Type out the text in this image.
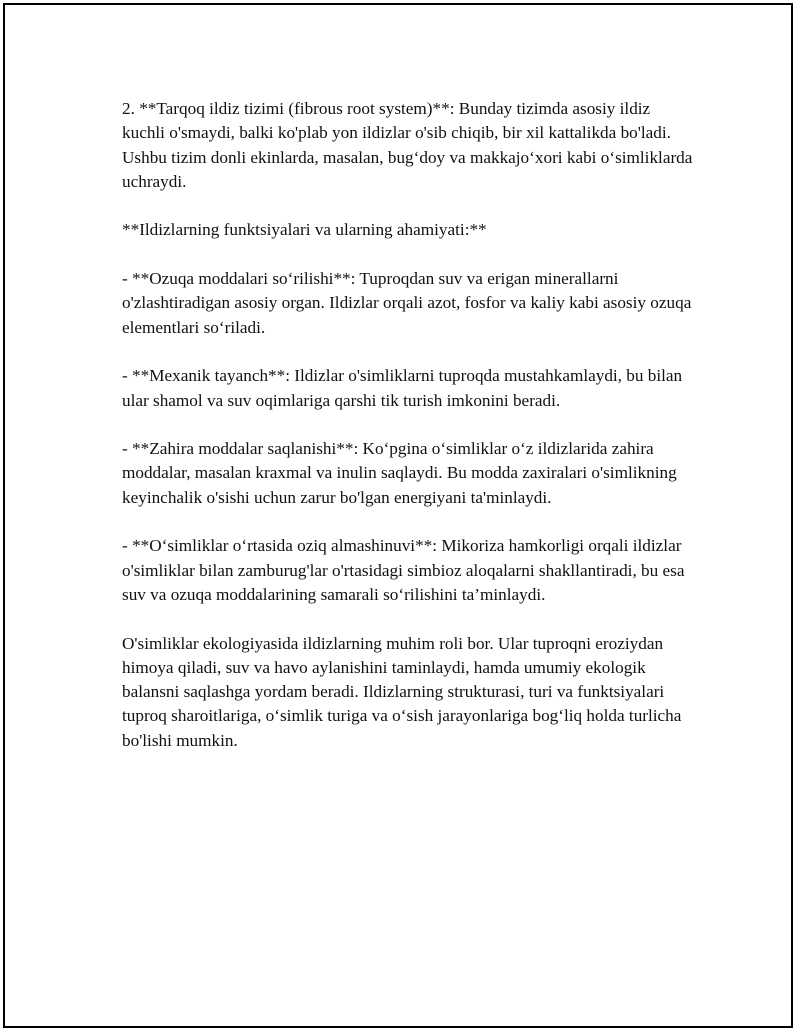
2. **Tarqoq ildiz tizimi (fibrous root system)**: Bunday tizimda asosiy ildiz kuchli o'smaydi, balki ko'plab yon ildizlar o'sib chiqib, bir xil kattalikda bo'ladi. Ushbu tizim donli ekinlarda, masalan, bug‘doy va makkajo‘xori kabi o‘simliklarda uchraydi.

**Ildizlarning funktsiyalari va ularning ahamiyati:**

- **Ozuqa moddalari so‘rilishi**: Tuproqdan suv va erigan minerallarni o'zlashtiradigan asosiy organ. Ildizlar orqali azot, fosfor va kaliy kabi asosiy ozuqa elementlari so‘riladi.

- **Mexanik tayanch**: Ildizlar o'simliklarni tuproqda mustahkamlaydi, bu bilan ular shamol va suv oqimlariga qarshi tik turish imkonini beradi.

- **Zahira moddalar saqlanishi**: Ko‘pgina o‘simliklar o‘z ildizlarida zahira moddalar, masalan kraxmal va inulin saqlaydi. Bu modda zaxiralari o'simlikning keyinchalik o'sishi uchun zarur bo'lgan energiyani ta'minlaydi.

- **O‘simliklar o‘rtasida oziq almashinuvi**: Mikoriza hamkorligi orqali ildizlar o'simliklar bilan zamburug'lar o'rtasidagi simbioz aloqalarni shakllantiradi, bu esa suv va ozuqa moddalarining samarali so‘rilishini ta’minlaydi.

O'simliklar ekologiyasida ildizlarning muhim roli bor. Ular tuproqni eroziydan himoya qiladi, suv va havo aylanishini taminlaydi, hamda umumiy ekologik balansni saqlashga yordam beradi. Ildizlarning strukturasi, turi va funktsiyalari tuproq sharoitlariga, o‘simlik turiga va o‘sish jarayonlariga bog‘liq holda turlicha bo'lishi mumkin.
